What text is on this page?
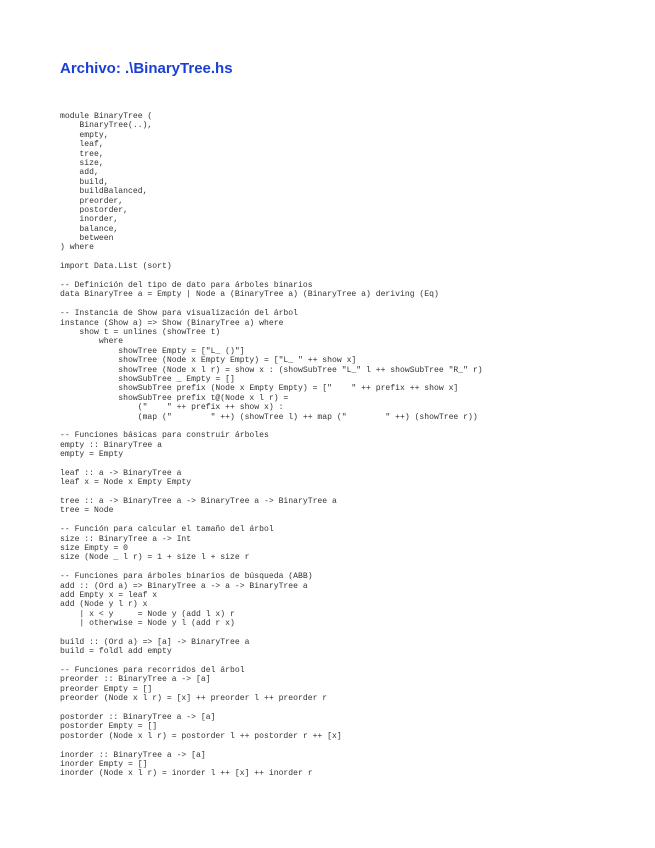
Archivo: .\BinaryTree.hs
module BinaryTree (
BinaryTree(..),
empty,
leaf,
tree,
size,
add,
build,
buildBalanced,
preorder,
postorder,
inorder,
balance,
between
) where
import Data.List (sort)
-- Definición del tipo de dato para árboles binarios
data BinaryTree a = Empty | Node a (BinaryTree a) (BinaryTree a) deriving (Eq)
-- Instancia de Show para visualización del árbol
instance (Show a) => Show (BinaryTree a) where
show t = unlines (showTree t)
where
showTree Empty = ["L_ ()"]
showTree (Node x Empty Empty) = ["L_ " ++ show x]
showTree (Node x l r) = show x : (showSubTree "L_" l ++ showSubTree "R_" r)
showSubTree _ Empty = []
showSubTree prefix (Node x Empty Empty) = ["    " ++ prefix ++ show x]
showSubTree prefix t@(Node x l r) =
("    " ++ prefix ++ show x) :
(map ("        " ++) (showTree l) ++ map ("        " ++) (showTree r))
-- Funciones básicas para construir árboles
empty :: BinaryTree a
empty = Empty
leaf :: a -> BinaryTree a
leaf x = Node x Empty Empty
tree :: a -> BinaryTree a -> BinaryTree a -> BinaryTree a
tree = Node
-- Función para calcular el tamaño del árbol
size :: BinaryTree a -> Int
size Empty = 0
size (Node _ l r) = 1 + size l + size r
-- Funciones para árboles binarios de búsqueda (ABB)
add :: (Ord a) => BinaryTree a -> a -> BinaryTree a
add Empty x = leaf x
add (Node y l r) x
| x < y     = Node y (add l x) r
| otherwise = Node y l (add r x)
build :: (Ord a) => [a] -> BinaryTree a
build = foldl add empty
-- Funciones para recorridos del árbol
preorder :: BinaryTree a -> [a]
preorder Empty = []
preorder (Node x l r) = [x] ++ preorder l ++ preorder r
postorder :: BinaryTree a -> [a]
postorder Empty = []
postorder (Node x l r) = postorder l ++ postorder r ++ [x]
inorder :: BinaryTree a -> [a]
inorder Empty = []
inorder (Node x l r) = inorder l ++ [x] ++ inorder r
